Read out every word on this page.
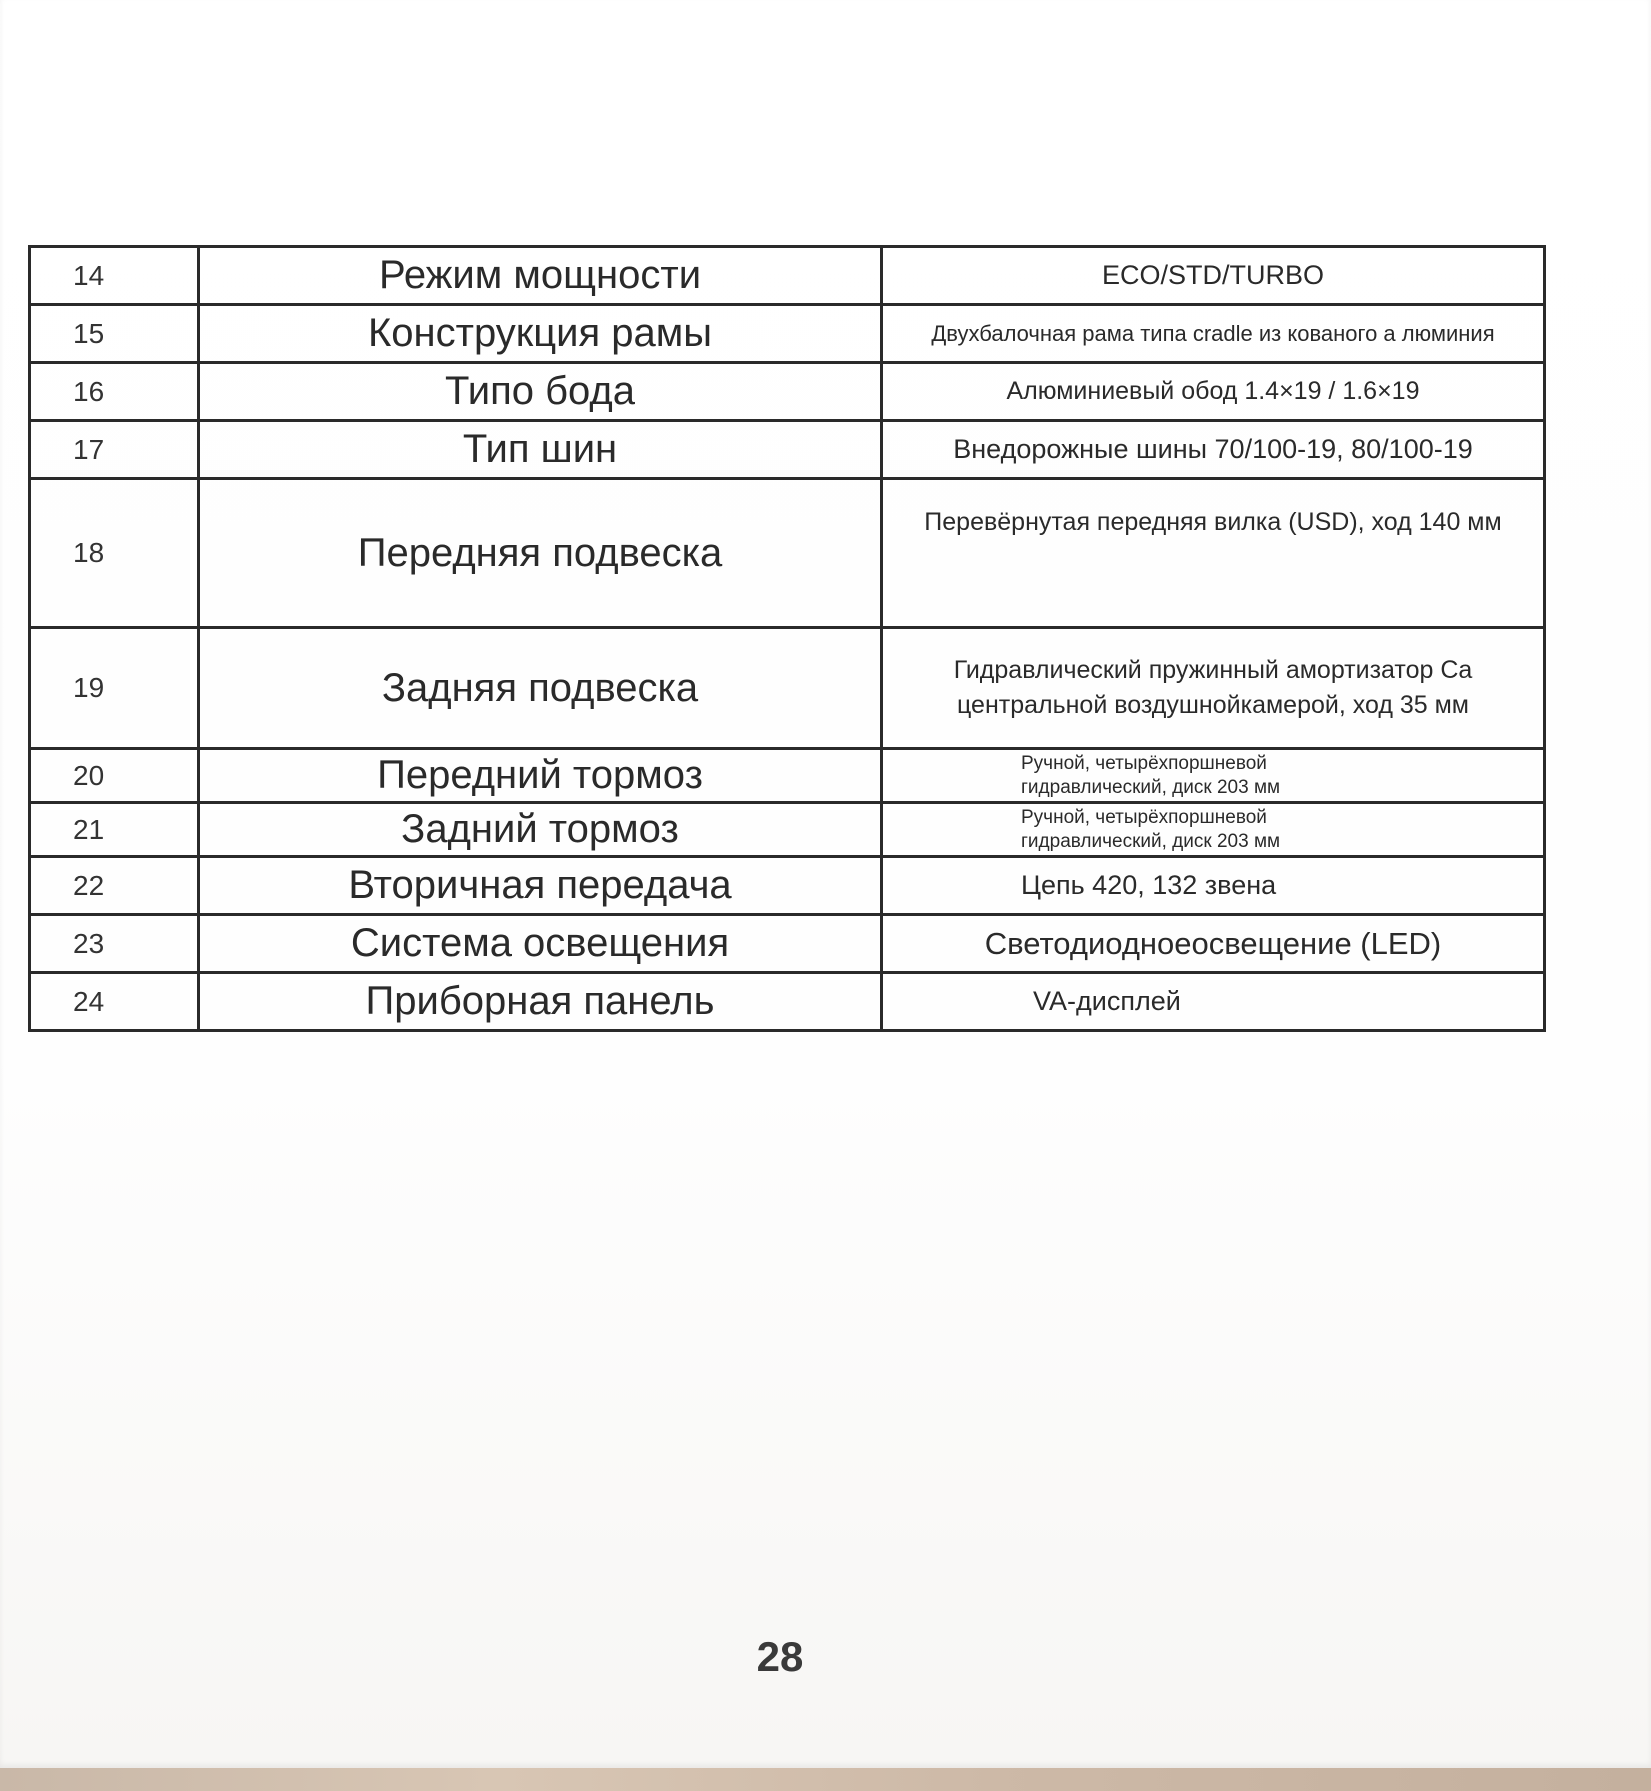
14	Режим мощности	ECO/STD/TURBO
15	Конструкция рамы	Двухбалочная рама типа cradle из кованого а люминия
16	Типо бода	Алюминиевый обод 1.4×19 / 1.6×19
17	Тип шин	Внедорожные шины 70/100-19, 80/100-19
18	Передняя подвеска	Перевёрнутая передняя вилка (USD), ход 140 мм
19	Задняя подвеска	Гидравлический пружинный амортизатор Ca
центральной воздушнойкамерой, ход 35 мм

20	Передний тормоз	Ручной, четырёхпоршневой
гидравлический, диск 203 мм

21	Задний тормоз	Ручной, четырёхпоршневой
гидравлический, диск 203 мм

22	Вторичная передача	Цепь 420, 132 звена
23	Система освещения	Светодиодноеосвещение (LED)
24	Приборная панель	VA-дисплей
28
